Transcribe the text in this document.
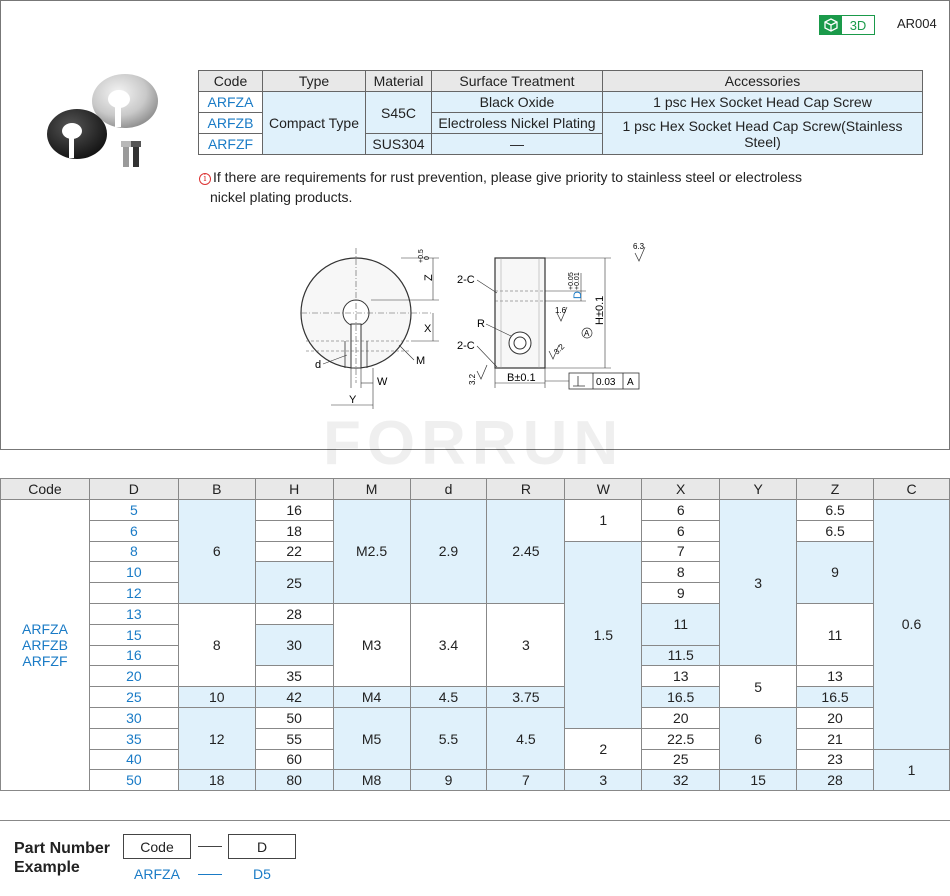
3D	AR004
Code	Type	Material	Surface Treatment	Accessories
ARFZA	Compact Type	S45C	Black Oxide	1 psc Hex Socket Head Cap Screw
ARFZB			Electroless Nickel Plating	1 psc Hex Socket Head Cap Screw(Stainless Steel)
ARFZF		SUS304	—	
i If there are requirements for rust prevention, please give priority to stainless steel or electroless
nickel plating products.
Z
+0.5 0
X
d	M
W
Y
2-C
R
2-C
D
+0.05 +0.01
H±0.1
B±0.1
1.6
3.2
3.2
6.3
A
0.03 A
FORRUN
Code	D	B	H	M	d	R	W	X	Y	Z	C

ARFZA
ARFZB
ARFZF	5	6	16	M2.5	2.9	2.45	1	6	3	6.5	0.6
	6		18					6		6.5	
	8		22				1.5	7		9	
	10		25					8			
	12							9			
	13	8	28	M3	3.4	3		11		11	
	15		30								
	16							11.5			
	20		35					13	5	13	
	25	10	42	M4	4.5	3.75		16.5		16.5	
	30	12	50	M5	5.5	4.5		20	6	20	
	35		55				2	22.5		21	
	40		60					25		23	1
	50	18	80	M8	9	7	3	32	15	28	
Part Number
Example
Code	D
ARFZA	D5
